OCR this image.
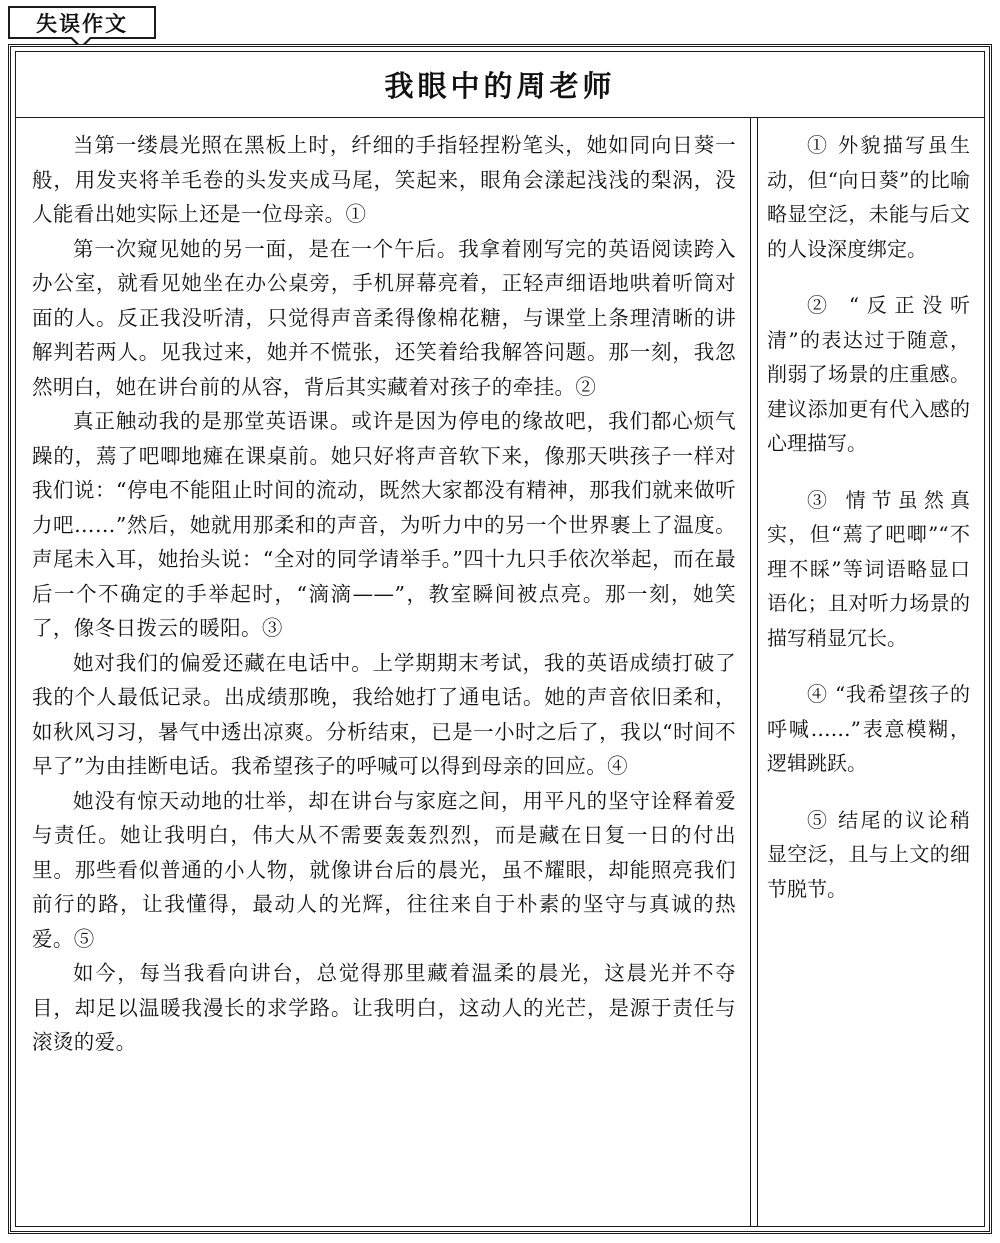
失误作文
我眼中的周老师

当第一缕晨光照在黑板上时，纤细的手指轻捏粉笔头，她如同向日葵一般，用发夹将羊毛卷的头发夹成马尾，笑起来，眼角会漾起浅浅的梨涡，没人能看出她实际上还是一位母亲。①

第一次窥见她的另一面，是在一个午后。我拿着刚写完的英语阅读跨入办公室，就看见她坐在办公桌旁，手机屏幕亮着，正轻声细语地哄着听筒对面的人。反正我没听清，只觉得声音柔得像棉花糖，与课堂上条理清晰的讲解判若两人。见我过来，她并不慌张，还笑着给我解答问题。那一刻，我忽然明白，她在讲台前的从容，背后其实藏着对孩子的牵挂。②

真正触动我的是那堂英语课。或许是因为停电的缘故吧，我们都心烦气躁的，蔫了吧唧地瘫在课桌前。她只好将声音软下来，像那天哄孩子一样对我们说：“停电不能阻止时间的流动，既然大家都没有精神，那我们就来做听力吧……”然后，她就用那柔和的声音，为听力中的另一个世界裹上了温度。声尾未入耳，她抬头说：“全对的同学请举手。”四十九只手依次举起，而在最后一个不确定的手举起时，“滴滴——”，教室瞬间被点亮。那一刻，她笑了，像冬日拨云的暖阳。③

她对我们的偏爱还藏在电话中。上学期期末考试，我的英语成绩打破了我的个人最低记录。出成绩那晚，我给她打了通电话。她的声音依旧柔和，如秋风习习，暑气中透出凉爽。分析结束，已是一小时之后了，我以“时间不早了”为由挂断电话。我希望孩子的呼喊可以得到母亲的回应。④

她没有惊天动地的壮举，却在讲台与家庭之间，用平凡的坚守诠释着爱与责任。她让我明白，伟大从不需要轰轰烈烈，而是藏在日复一日的付出里。那些看似普通的小人物，就像讲台后的晨光，虽不耀眼，却能照亮我们前行的路，让我懂得，最动人的光辉，往往来自于朴素的坚守与真诚的热爱。⑤

如今，每当我看向讲台，总觉得那里藏着温柔的晨光，这晨光并不夺目，却足以温暖我漫长的求学路。让我明白，这动人的光芒，是源于责任与滚烫的爱。

① 外貌描写虽生动，但“向日葵”的比喻略显空泛，未能与后文的人设深度绑定。

② “反正没听清”的表达过于随意，削弱了场景的庄重感。建议添加更有代入感的心理描写。

③ 情节虽然真实，但“蔫了吧唧”“不理不睬”等词语略显口语化；且对听力场景的描写稍显冗长。

④ “我希望孩子的呼喊……”表意模糊，逻辑跳跃。

⑤ 结尾的议论稍显空泛，且与上文的细节脱节。
